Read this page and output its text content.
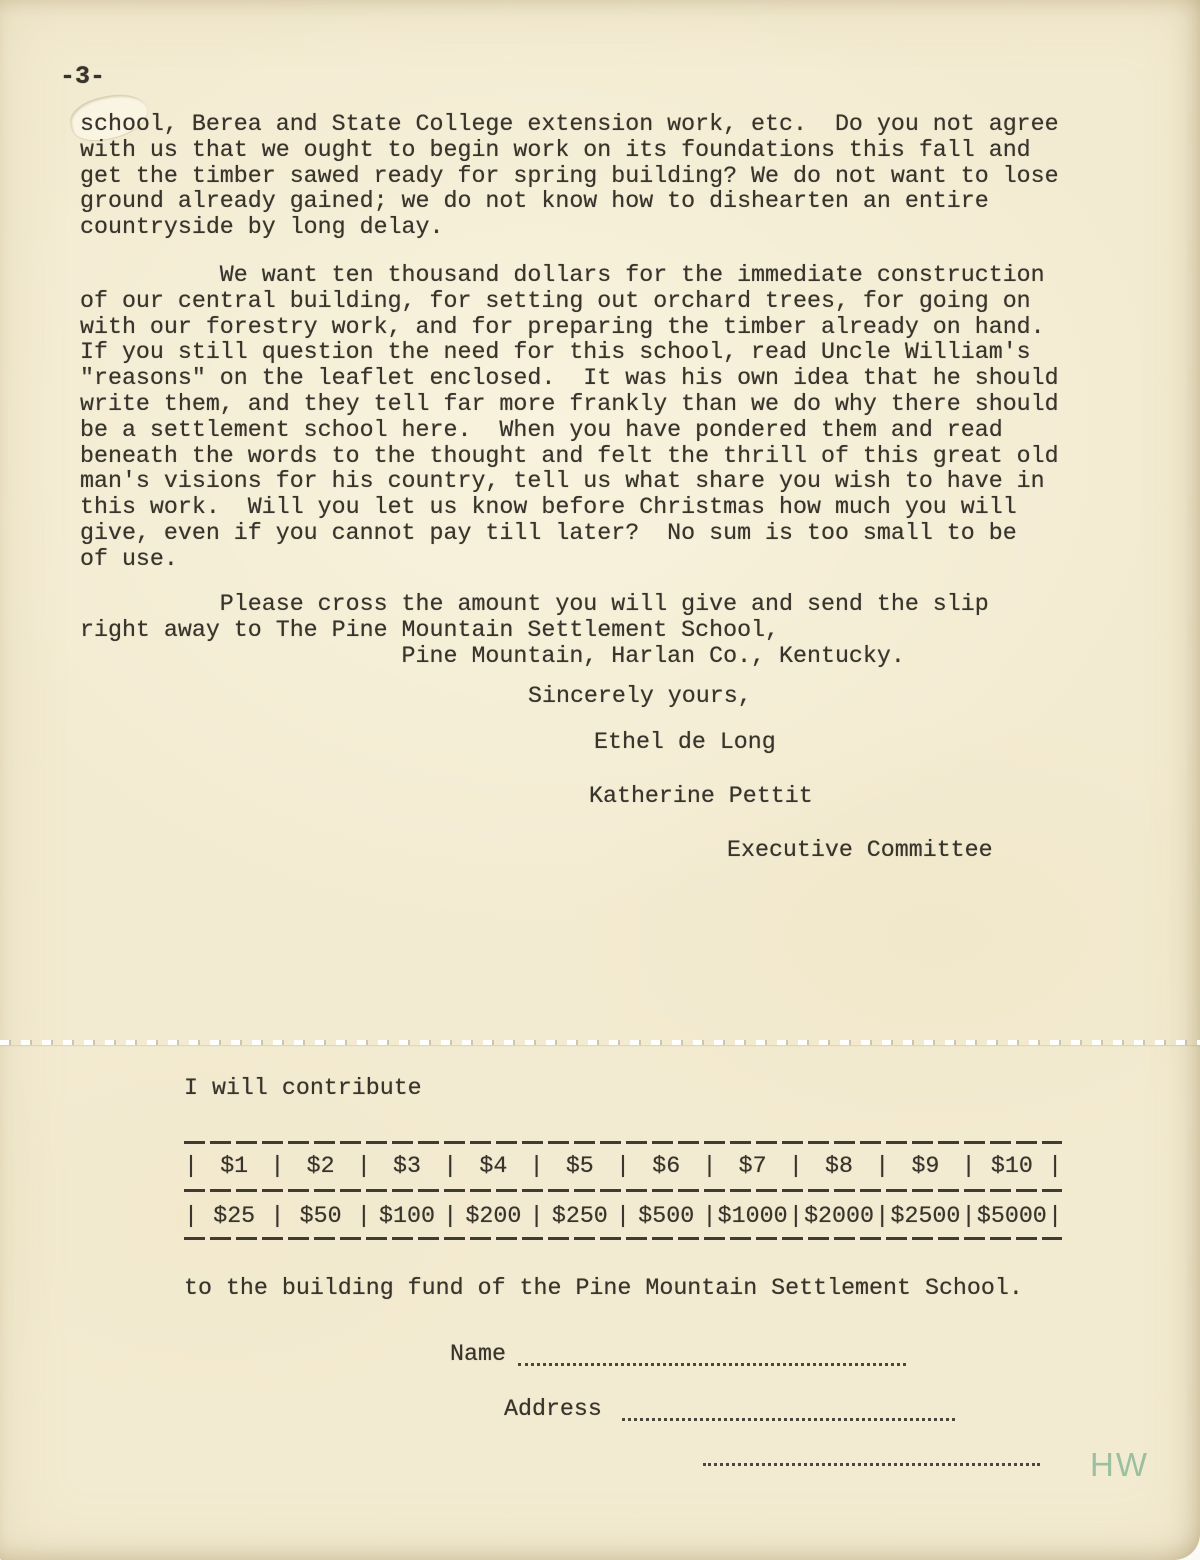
-3-
school, Berea and State College extension work, etc.  Do you not agree
with us that we ought to begin work on its foundations this fall and
get the timber sawed ready for spring building? We do not want to lose
ground already gained; we do not know how to dishearten an entire
countryside by long delay.
We want ten thousand dollars for the immediate construction
of our central building, for setting out orchard trees, for going on
with our forestry work, and for preparing the timber already on hand.
If you still question the need for this school, read Uncle William's
"reasons" on the leaflet enclosed.  It was his own idea that he should
write them, and they tell far more frankly than we do why there should
be a settlement school here.  When you have pondered them and read
beneath the words to the thought and felt the thrill of this great old
man's visions for his country, tell us what share you wish to have in
this work.  Will you let us know before Christmas how much you will
give, even if you cannot pay till later?  No sum is too small to be
of use.
Please cross the amount you will give and send the slip
right away to The Pine Mountain Settlement School,
Pine Mountain, Harlan Co., Kentucky.
Sincerely yours,
Ethel de Long
Katherine Pettit
Executive Committee
I will contribute
| $1 | $2 | $3 | $4 | $5 | $6 | $7 | $8 | $9 | $10 |
| $25 | $50 | $100 | $200 | $250 | $500 | $1000 | $2000 | $2500 | $5000 |
to the building fund of the Pine Mountain Settlement School.
Name
Address
HW
